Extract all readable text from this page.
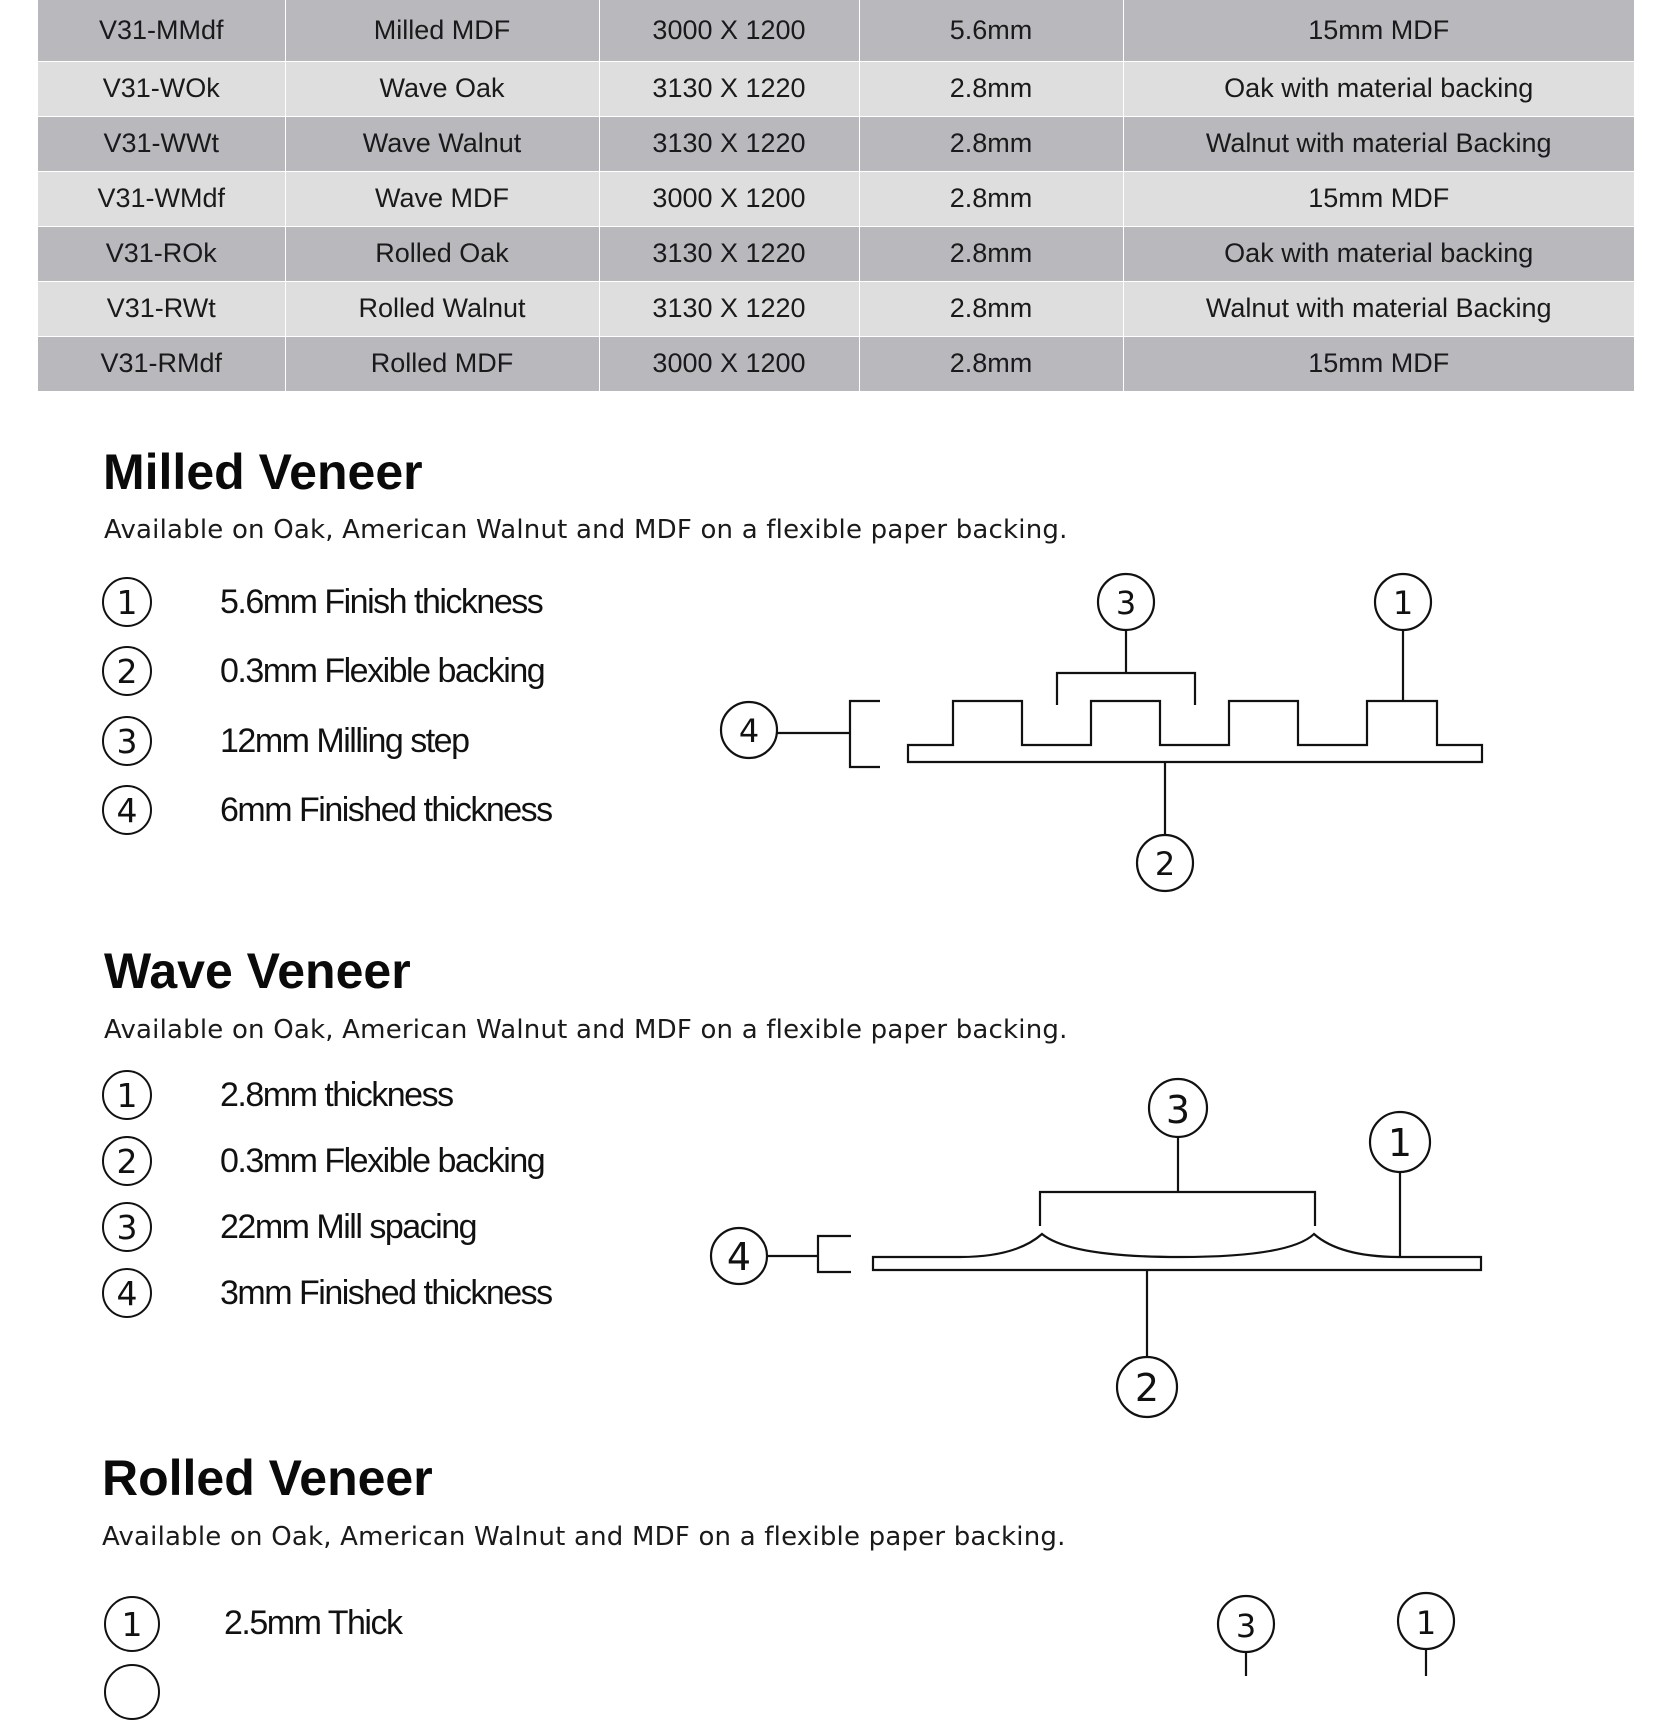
V31-MMdf	Milled MDF	3000 X 1200	5.6mm	15mm MDF
V31-WOk	Wave Oak	3130 X 1220	2.8mm	Oak with material backing
V31-WWt	Wave Walnut	3130 X 1220	2.8mm	Walnut with material Backing
V31-WMdf	Wave MDF	3000 X 1200	2.8mm	15mm MDF
V31-ROk	Rolled Oak	3130 X 1220	2.8mm	Oak with material backing
V31-RWt	Rolled Walnut	3130 X 1220	2.8mm	Walnut with material Backing
V31-RMdf	Rolled MDF	3000 X 1200	2.8mm	15mm MDF
Milled Veneer
Available on Oak, American Walnut and MDF on a flexible paper backing.
1	5.6mm Finish thickness
2	0.3mm Flexible backing
3	12mm Milling step
4	6mm Finished thickness
4
3	1
2
Wave Veneer
Available on Oak, American Walnut and MDF on a flexible paper backing.
1	2.8mm thickness
2	0.3mm Flexible backing
3	22mm Mill spacing
4	3mm Finished thickness
4
3
1
2
Rolled Veneer
Available on Oak, American Walnut and MDF on a flexible paper backing.
1	2.5mm Thick	3	1
